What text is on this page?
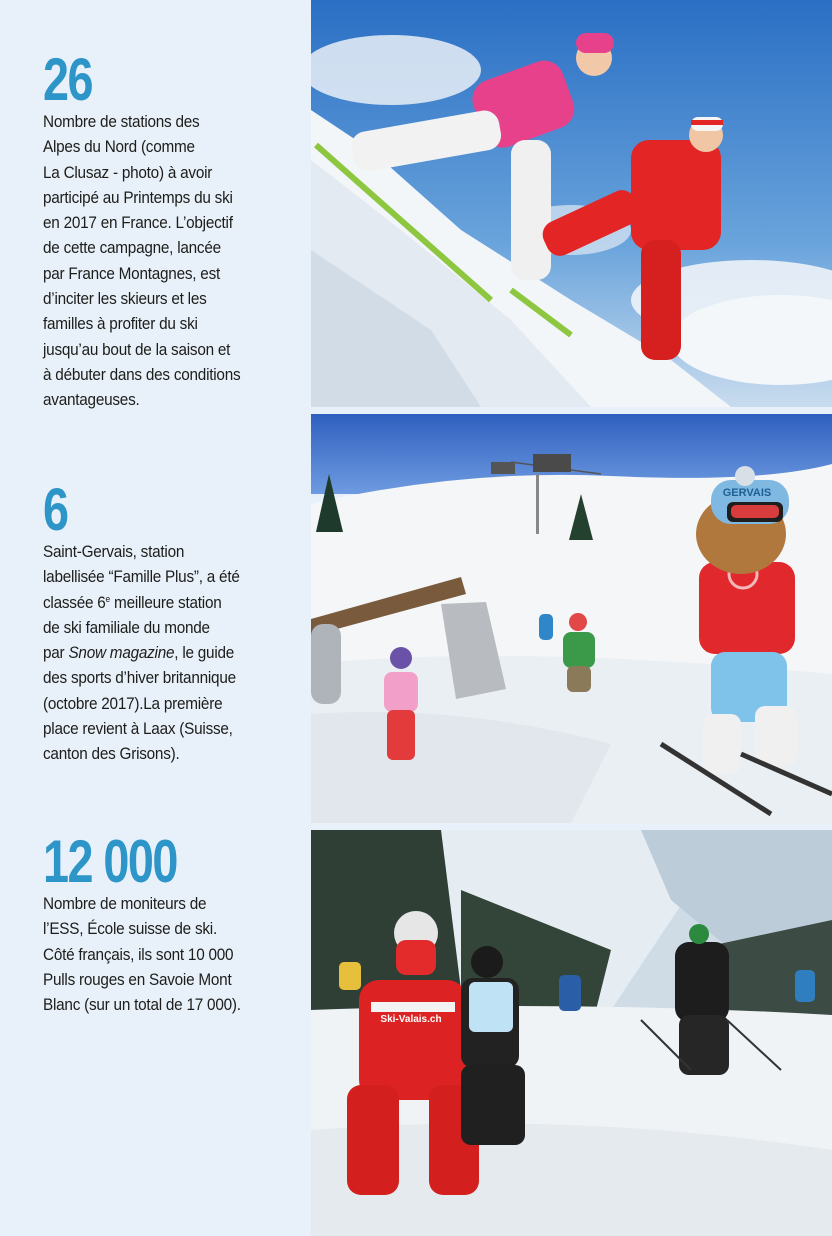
26
Nombre de stations des
Alpes du Nord (comme
La Clusaz - photo) à avoir
participé au Printemps du ski
en 2017 en France. L’objectif
de cette campagne, lancée
par France Montagnes, est
d’inciter les skieurs et les
familles à profiter du ski
jusqu’au bout de la saison et
à débuter dans des conditions
avantageuses.
6
Saint-Gervais, station
labellisée “Famille Plus”, a été
classée 6e meilleure station
de ski familiale du monde
par Snow magazine, le guide
des sports d’hiver britannique
(octobre 2017).La première
place revient à Laax (Suisse,
canton des Grisons).
12 000
Nombre de moniteurs de
l’ESS, École suisse de ski.
Côté français, ils sont 10 000
Pulls rouges en Savoie Mont
Blanc (sur un total de 17 000).
GERVAIS
Ski-Valais.ch
